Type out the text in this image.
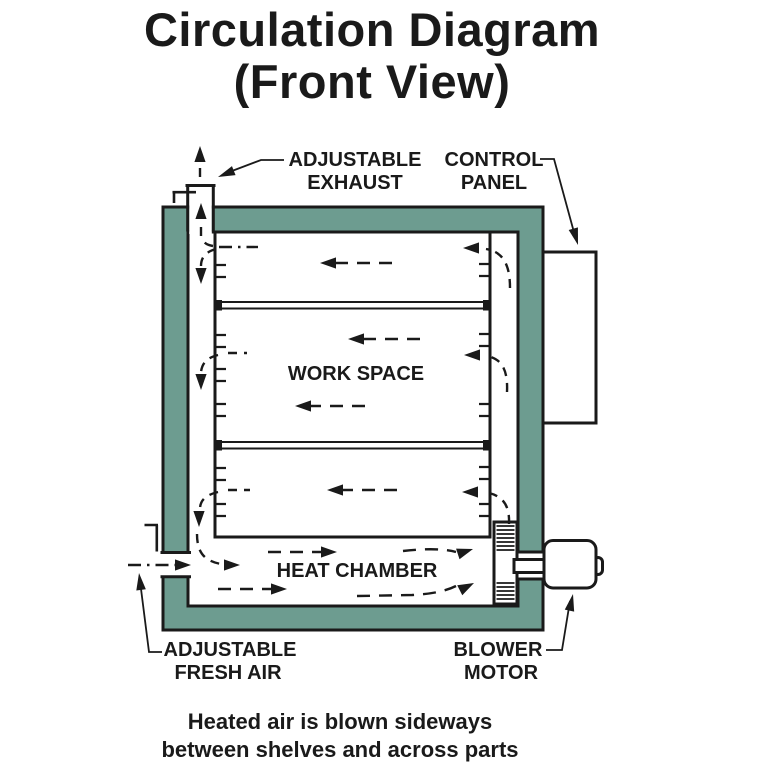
Circulation Diagram
(Front View)
ADJUSTABLE
EXHAUST
CONTROL
PANEL
WORK SPACE
HEAT CHAMBER
ADJUSTABLE
FRESH AIR
BLOWER
MOTOR
Heated air is blown sideways
between shelves and across parts
